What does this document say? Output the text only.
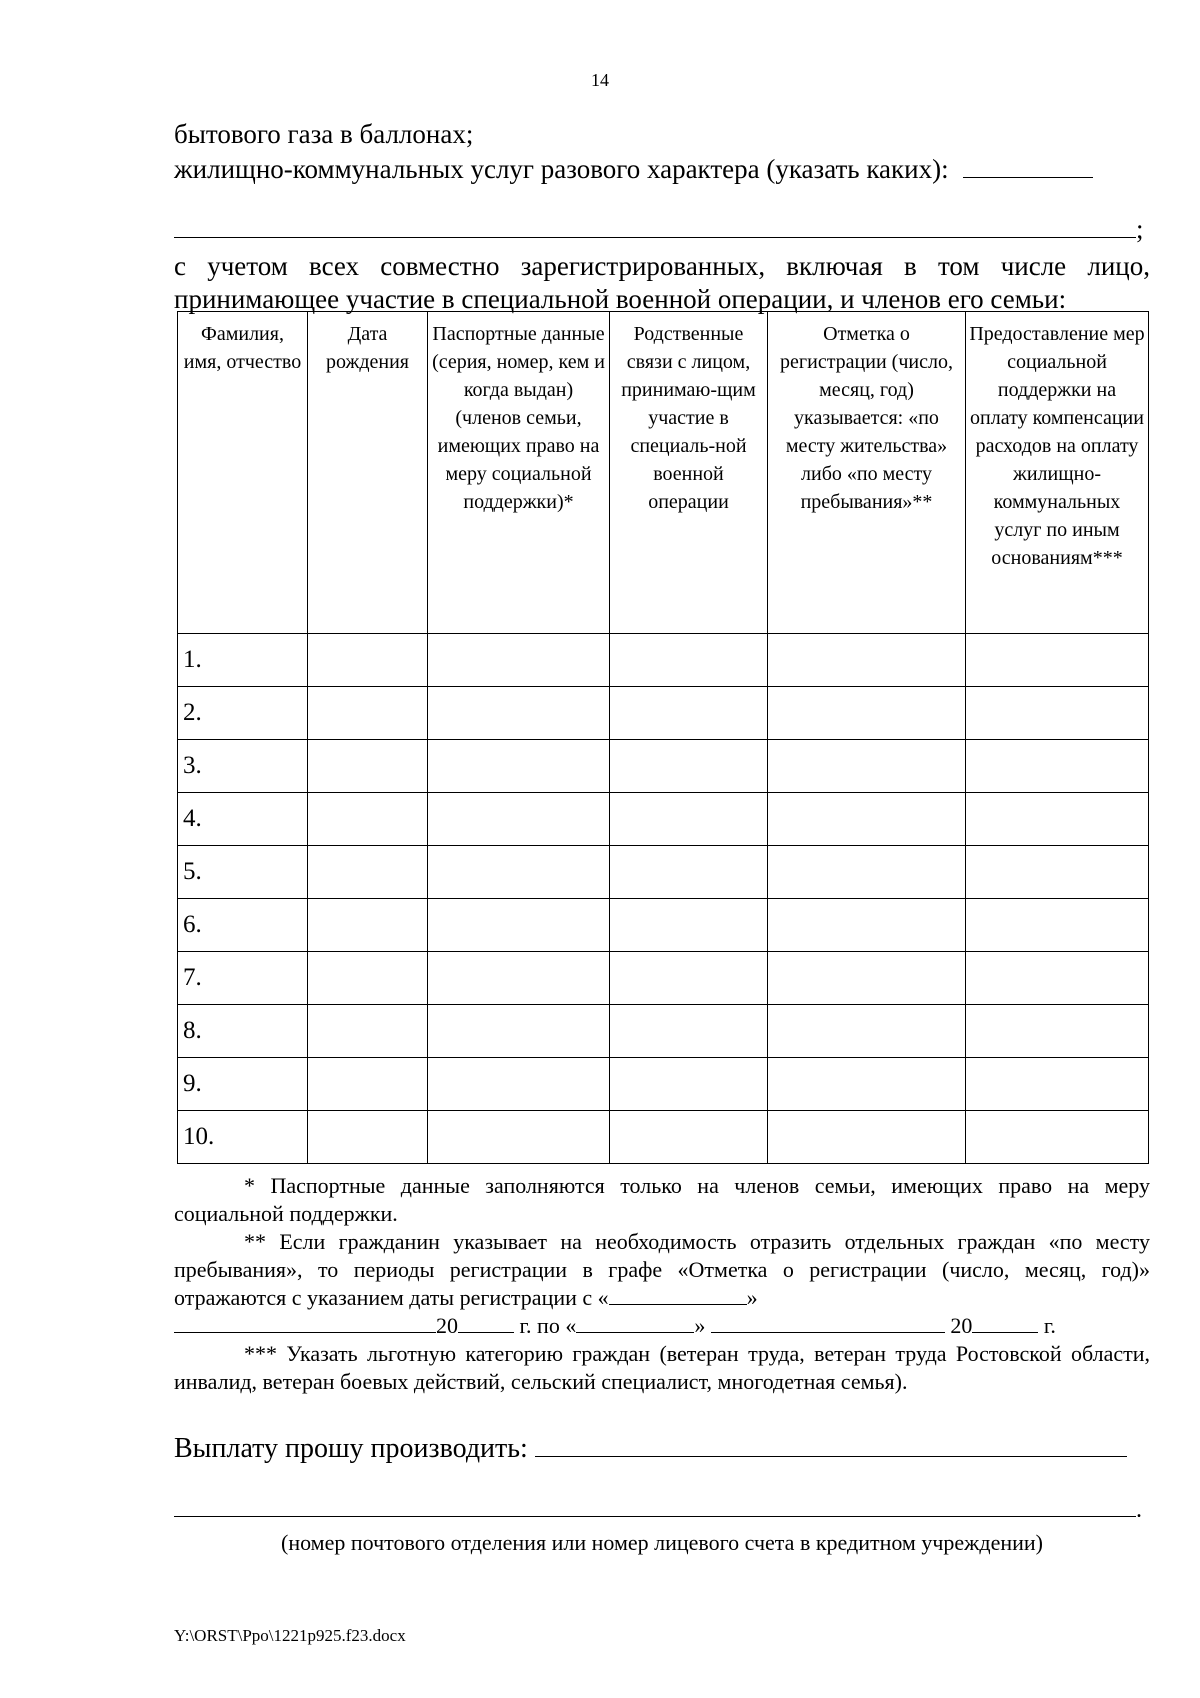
14
бытового газа в баллонах;
жилищно-коммунальных услуг разового характера (указать каких):
;
с учетом всех совместно зарегистрированных, включая в том числе лицо, принимающее участие в специальной военной операции, и членов его семьи:
Фамилия, имя, отчество	Дата рождения	Паспортные данные (серия, номер, кем и когда выдан) (членов семьи, имеющих право на меру социальной поддержки)*	Родственные связи с лицом, принимаю-щим участие в специаль-ной военной операции	Отметка о регистрации (число, месяц, год) указывается: «по месту жительства» либо «по месту пребывания»**	Предоставление мер социальной поддержки на оплату компенсации расходов на оплату жилищно-коммунальных услуг по иным основаниям***
1.					
2.					
3.					
4.					
5.					
6.					
7.					
8.					
9.					
10.					

* Паспортные данные заполняются только на членов семьи, имеющих право на меру социальной поддержки.

** Если гражданин указывает на необходимость отразить отдельных граждан «по месту пребывания», то периоды регистрации в графе «Отметка о регистрации (число, месяц, год)» отражаются с указанием даты регистрации с «	»

20	г. по «	»	20	г.

*** Указать льготную категорию граждан (ветеран труда, ветеран труда Ростовской области, инвалид, ветеран боевых действий, сельский специалист, многодетная семья).

Выплату прошу производить:
.
(номер почтового отделения или номер лицевого счета в кредитном учреждении)
Y:\ORST\Ppo\1221p925.f23.docx
